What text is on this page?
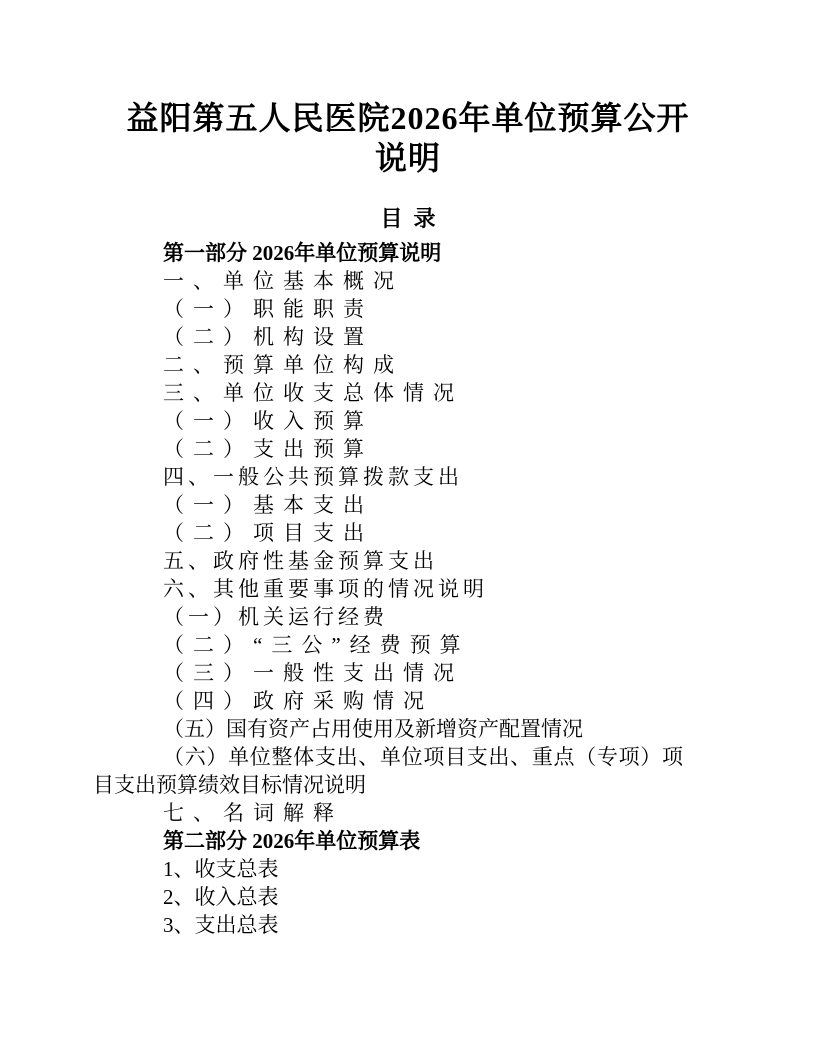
益阳第五人民医院2026年单位预算公开
说明
目  录

第一部分 2026年单位预算说明

一、单位基本概况

（一）职能职责

（二）机构设置

二、预算单位构成

三、单位收支总体情况

（一）收入预算

（二）支出预算

四、一般公共预算拨款支出

（一）基本支出

（二）项目支出

五、政府性基金预算支出

六、其他重要事项的情况说明

（一）机关运行经费

（二）“三公”经费预算

（三）一般性支出情况

（四）政府采购情况

（五）国有资产占用使用及新增资产配置情况

（六）单位整体支出、单位项目支出、重点（专项）项目支出预算绩效目标情况说明

七、名词解释

第二部分 2026年单位预算表

1、收支总表

2、收入总表

3、支出总表
